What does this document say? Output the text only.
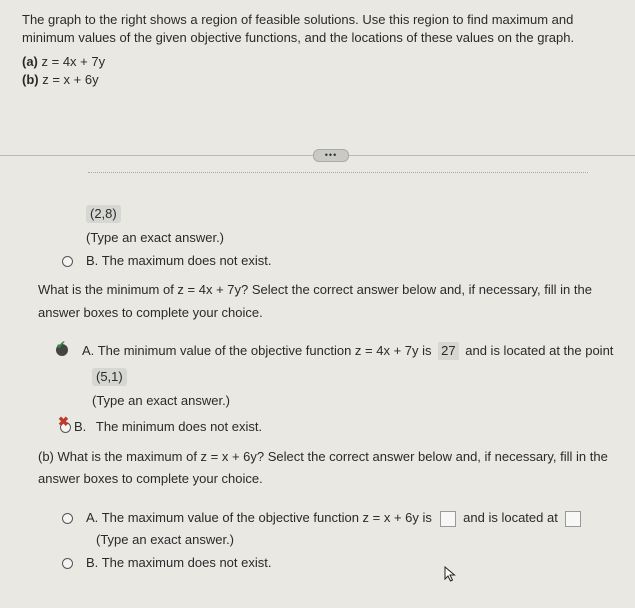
The graph to the right shows a region of feasible solutions. Use this region to find maximum and
minimum values of the given objective functions, and the locations of these values on the graph.
(a) z = 4x + 7y
(b) z = x + 6y
•••
(2,8)
(Type an exact answer.)
B. The maximum does not exist.
What is the minimum of z = 4x + 7y? Select the correct answer below and, if necessary, fill in the
answer boxes to complete your choice.
✔ A. The minimum value of the objective function z = 4x + 7y is 27 and is located at the point
(5,1)
(Type an exact answer.)
✖ B. The minimum does not exist.
(b) What is the maximum of z = x + 6y? Select the correct answer below and, if necessary, fill in the
answer boxes to complete your choice.
A. The maximum value of the objective function z = x + 6y is and is located at
(Type an exact answer.)
B. The maximum does not exist.
